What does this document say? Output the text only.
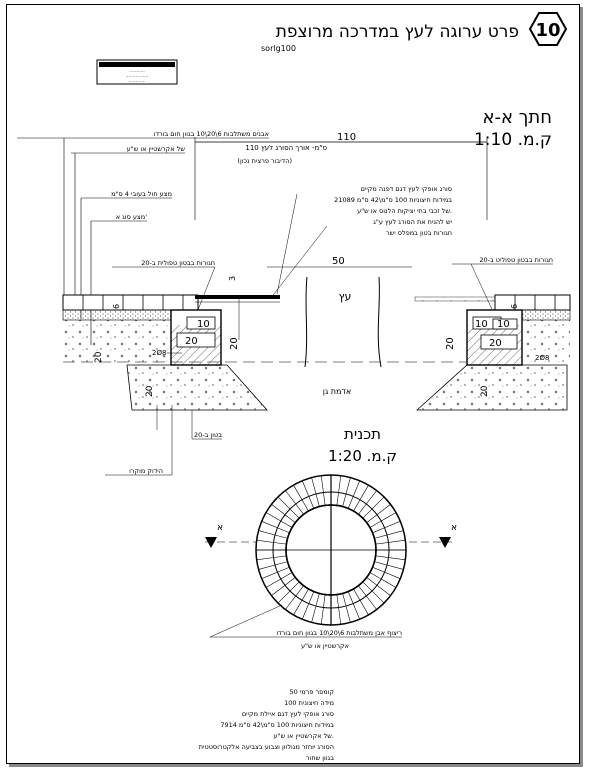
10
פרט ערוגה לעץ במדרכה מרוצפת
sorlg100
...........
................
............
חתך א-א
ק.מ. 1:10
110
110 ס"מ- אורך הסורג לעץ
(הדיבור פרצית נכון)
אבנים משתלבות 6\20\10 בגוון חום בורדו
של אקרשטיין או ש"ע
מצע חול בעובי 4 ס"מ
מצע סוג א'
סורג אופקי לעץ דגם דפנה מקיים
21089 במידות חיצוניות 100 ס"מ\42 ס"מ
של זכבי בתי יציקות הלנוס או ש"ע.
יש להניח את הסורג לעץ ע"ג
חגורות בטון במפלס ישר
חגורות בבטון טפולית ב-20	חגורות בבטון טפוליט ב-20
50
3
6
20
10
20	20
2Ø8
עץ
6
10 10
20
20
2Ø8
אדמת גן
20	20
בטון ב-20
הידוק מוקרו
תכנית
ק.מ. 1:20
א	א
ריצוף אבן משתלבות 6\20\10 בגוון חום בורדו
אקרשטיין או ש"ע
קומפר פרמי 50
מידה חיצונית 100
סורג אופקי לעץ דגם איילת מקיים
7914 במידות חיצוניות 100 ס"מ\42 ס"מ
של אקרשטיין או ש"ע.
הסורג יוחזר מגולוון וצבוע בצביעה אלקטרוסטטית
בגוון שחור
